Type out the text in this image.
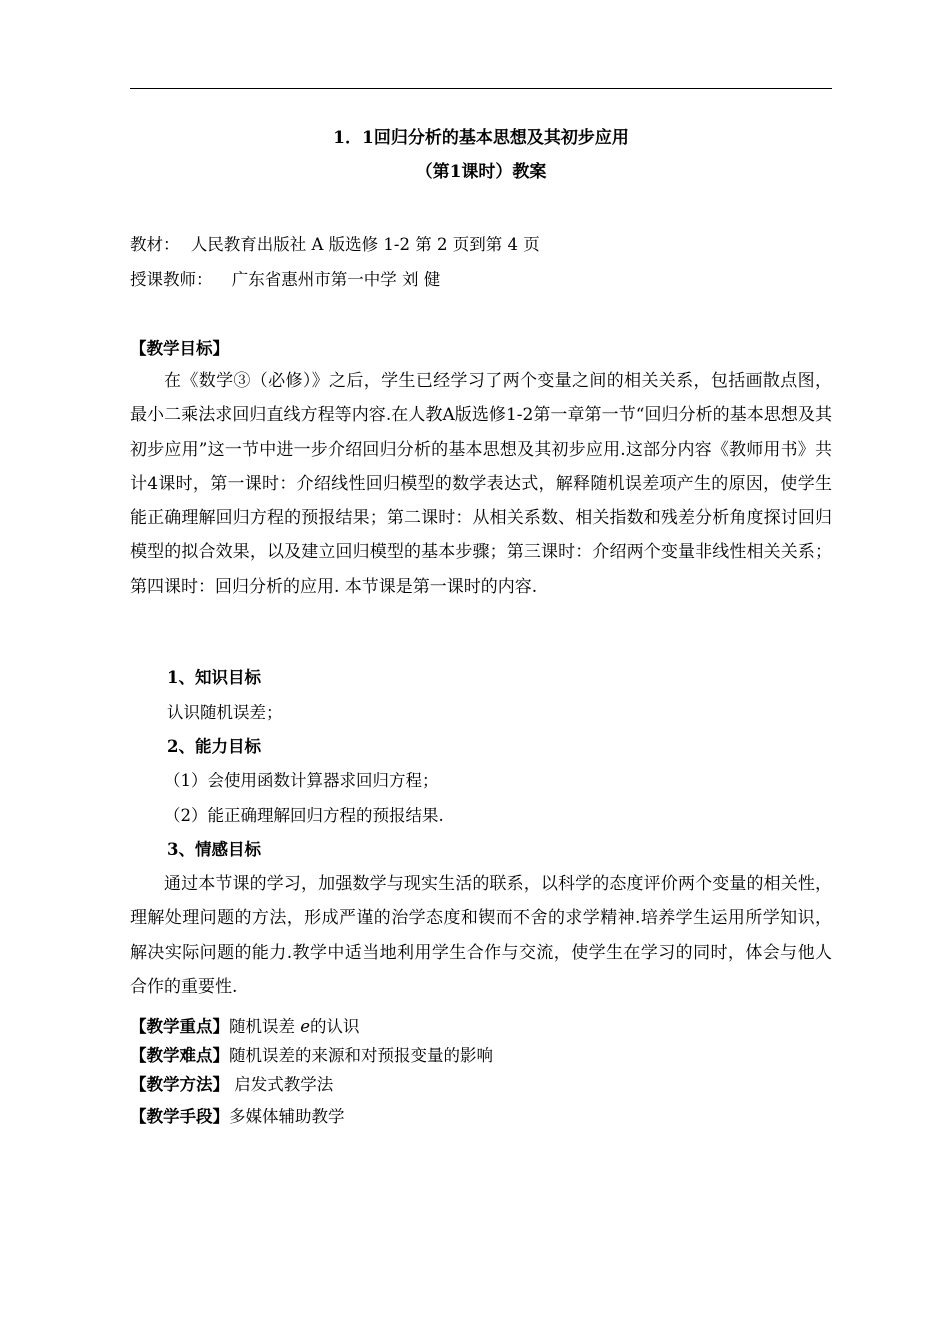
1．1回归分析的基本思想及其初步应用
（第1课时）教案
教材： 人民教育出版社 A 版选修 1-2 第 2 页到第 4 页
授课教师： 广东省惠州市第一中学 刘 健
【教学目标】
在《数学③（必修）》之后，学生已经学习了两个变量之间的相关关系，包括画散点图，最小二乘法求回归直线方程等内容.在人教A版选修1-2第一章第一节“回归分析的基本思想及其初步应用”这一节中进一步介绍回归分析的基本思想及其初步应用.这部分内容《教师用书》共计4课时，第一课时：介绍线性回归模型的数学表达式，解释随机误差项产生的原因，使学生能正确理解回归方程的预报结果；第二课时：从相关系数、相关指数和残差分析角度探讨回归模型的拟合效果，以及建立回归模型的基本步骤；第三课时：介绍两个变量非线性相关关系；第四课时：回归分析的应用. 本节课是第一课时的内容.
1、知识目标
认识随机误差；
2、能力目标
（1）会使用函数计算器求回归方程；
（2）能正确理解回归方程的预报结果.
3、情感目标
通过本节课的学习，加强数学与现实生活的联系，以科学的态度评价两个变量的相关性，理解处理问题的方法，形成严谨的治学态度和锲而不舍的求学精神.培养学生运用所学知识，解决实际问题的能力.教学中适当地利用学生合作与交流，使学生在学习的同时，体会与他人合作的重要性.
【教学重点】随机误差 e的认识
【教学难点】随机误差的来源和对预报变量的影响
【教学方法】 启发式教学法
【教学手段】多媒体辅助教学
